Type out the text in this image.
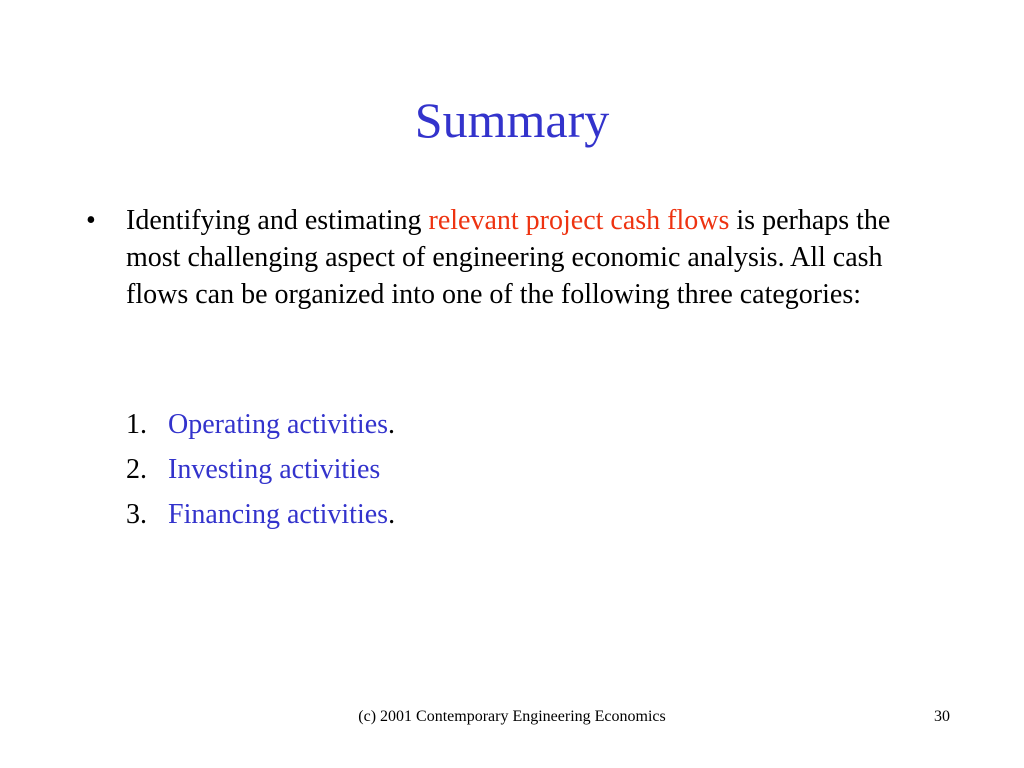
Summary
•	Identifying and estimating relevant project cash flows is perhaps the most challenging aspect of engineering economic analysis. All cash flows can be organized into one of the following three categories:
1. Operating activities.
2. Investing activities
3. Financing activities.
(c) 2001 Contemporary Engineering Economics	30
